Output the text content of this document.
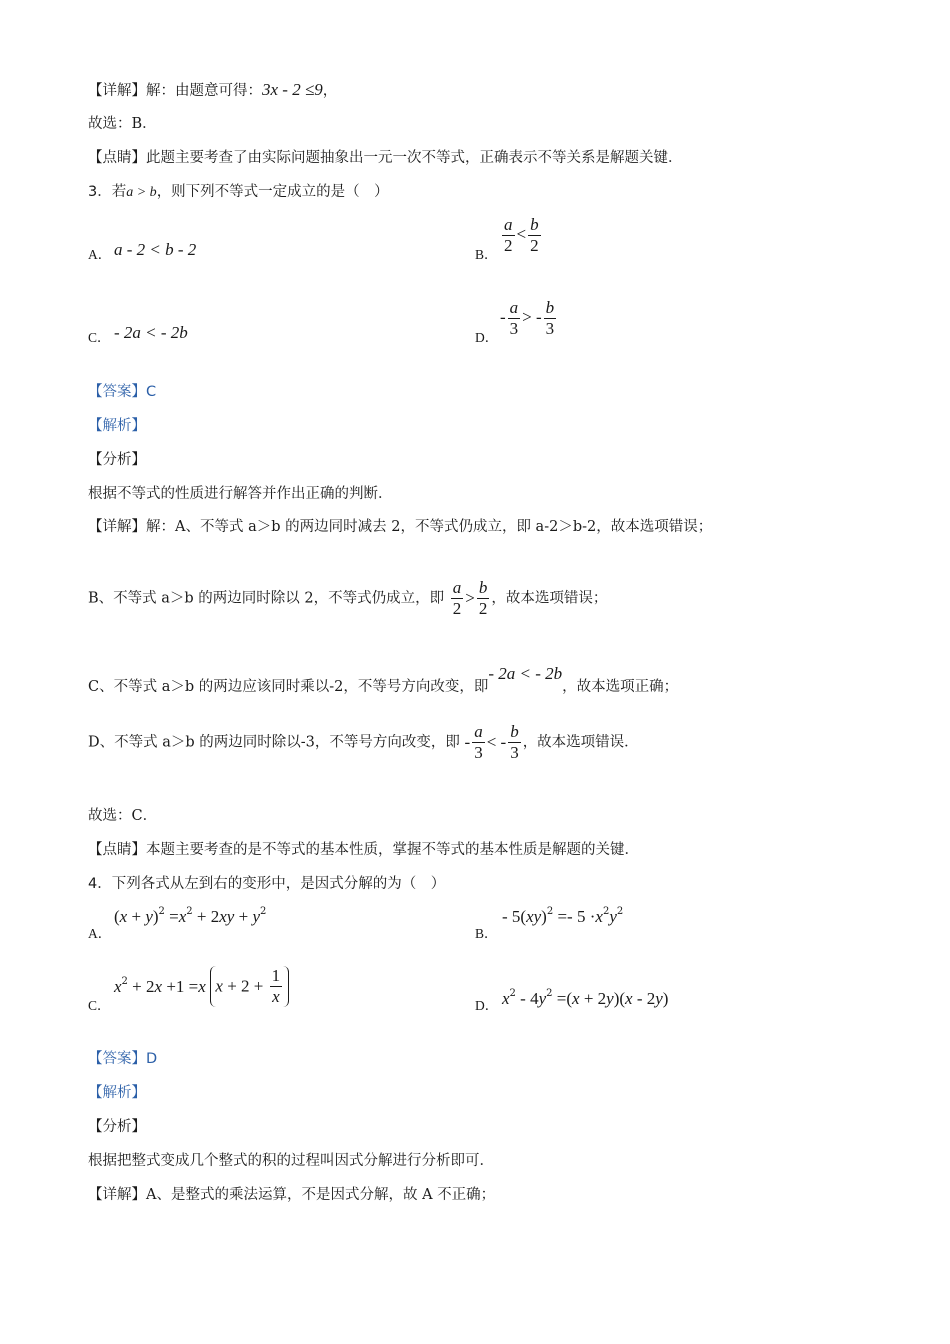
【详解】解：由题意可得：3x - 2 ≤9，
故选：B．
【点睛】此题主要考查了由实际问题抽象出一元一次不等式，正确表示不等关系是解题关键．
3．若a > b，则下列不等式一定成立的是（　）
A． a - 2 < b - 2	B． $\frac{a}{2} < \frac{b}{2}$
C． - 2a < - 2b	D．
- $\frac{a}{3}$ > - $\frac{b}{3}$
【答案】C
【解析】
【分析】
根据不等式的性质进行解答并作出正确的判断．
【详解】解：A、不等式 a＞b 的两边同时减去 2，不等式仍成立，即 a-2＞b-2，故本选项错误；
B、不等式 a＞b 的两边同时除以 2，不等式仍成立，即 $\frac{a}{2} > \frac{b}{2}$ ，故本选项错误；
C、不等式 a＞b 的两边应该同时乘以-2，不等号方向改变，即- 2a < - 2b，故本选项正确；
D、不等式 a＞b 的两边同时除以-3，不等号方向改变，即 - $\frac{a}{3}$ < - $\frac{b}{3}$ ，故本选项错误．
故选：C．
【点睛】本题主要考查的是不等式的基本性质，掌握不等式的基本性质是解题的关键．
4．下列各式从左到右的变形中，是因式分解的为（　）
A．
$(x + y)^2 =x^2 + 2xy + y^2$
B．
- $5(xy)^2 =- 5 \cdot x^2y^2$
C．
$x^2 + 2x +1 =x$ $x + 2 + \frac{1}{x}$	D． $x^2 - 4y^2 =(x + 2y)(x - 2y)$
【答案】D
【解析】
【分析】
根据把整式变成几个整式的积的过程叫因式分解进行分析即可．
【详解】A、是整式的乘法运算，不是因式分解，故 A 不正确；
